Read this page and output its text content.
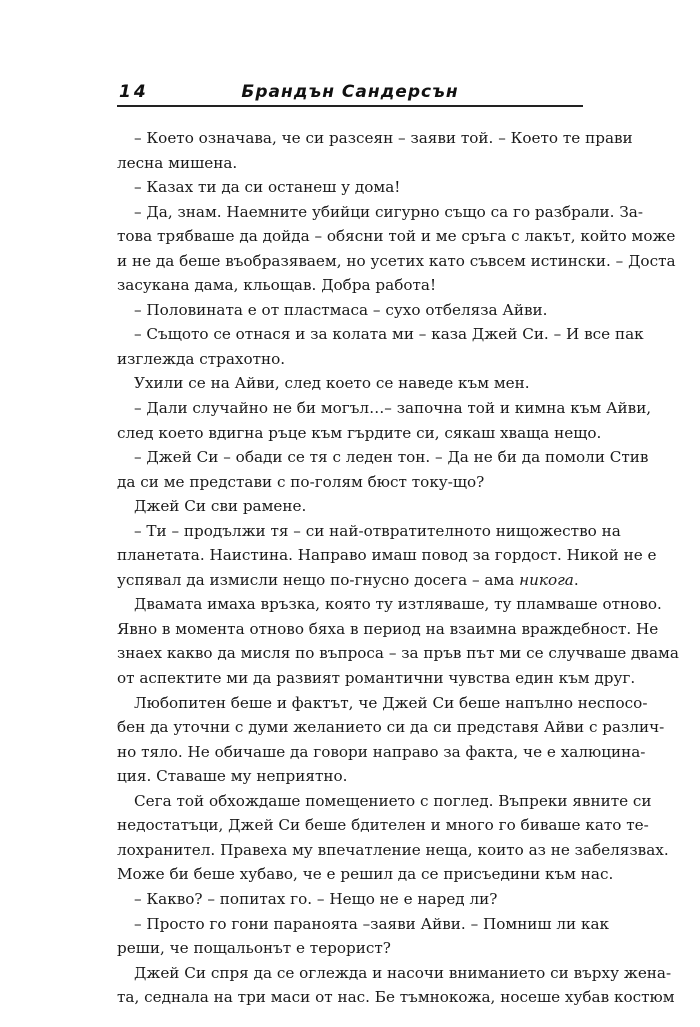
14	Брандън Сандерсън
– Което означава, че си разсеян – заяви той. – Което те прави
лесна мишена.
– Казах ти да си останеш у дома!
– Да, знам. Наемните убийци сигурно също са го разбрали. За-
това трябваше да дойда – обясни той и ме сръга с лакът, който може
и не да беше въобразяваем, но усетих като съвсем истински. – Доста
засукана дама, кльощав. Добра работа!
– Половината е от пластмаса – сухо отбеляза Айви.
– Същото се отнася и за колата ми – каза Джей Си. – И все пак
изглежда страхотно.
Ухили се на Айви, след което се наведе към мен.
– Дали случайно не би могъл…– започна той и кимна към Айви,
след което вдигна ръце към гърдите си, сякаш хваща нещо.
– Джей Си – обади се тя с леден тон. – Да не би да помоли Стив
да си ме представи с по-голям бюст току-що?
Джей Си сви рамене.
– Ти – продължи тя – си най-отвратителното нищожество на
планетата. Наистина. Направо имаш повод за гордост. Никой не е
успявал да измисли нещо по-гнусно досега – ама никога.
Двамата имаха връзка, която ту изтляваше, ту пламваше отново.
Явно в момента отново бяха в период на взаимна враждебност. Не
знаех какво да мисля по въпроса – за пръв път ми се случваше двама
от аспектите ми да развият романтични чувства един към друг.
Любопитен беше и фактът, че Джей Си беше напълно неспосо-
бен да уточни с думи желанието си да си представя Айви с различ-
но тяло. Не обичаше да говори направо за факта, че е халюцина-
ция. Ставаше му неприятно.
Сега той обхождаше помещението с поглед. Въпреки явните си
недостатъци, Джей Си беше бдителен и много го биваше като те-
лохранител. Правеха му впечатление неща, които аз не забелязвах.
Може би беше хубаво, че е решил да се присъедини към нас.
– Какво? – попитах го. – Нещо не е наред ли?
– Просто го гони параноята –заяви Айви. – Помниш ли как
реши, че пощальонът е терорист?
Джей Си спря да се оглежда и насочи вниманието си върху жена-
та, седнала на три маси от нас. Бе тъмнокожа, носеше хубав костюм
